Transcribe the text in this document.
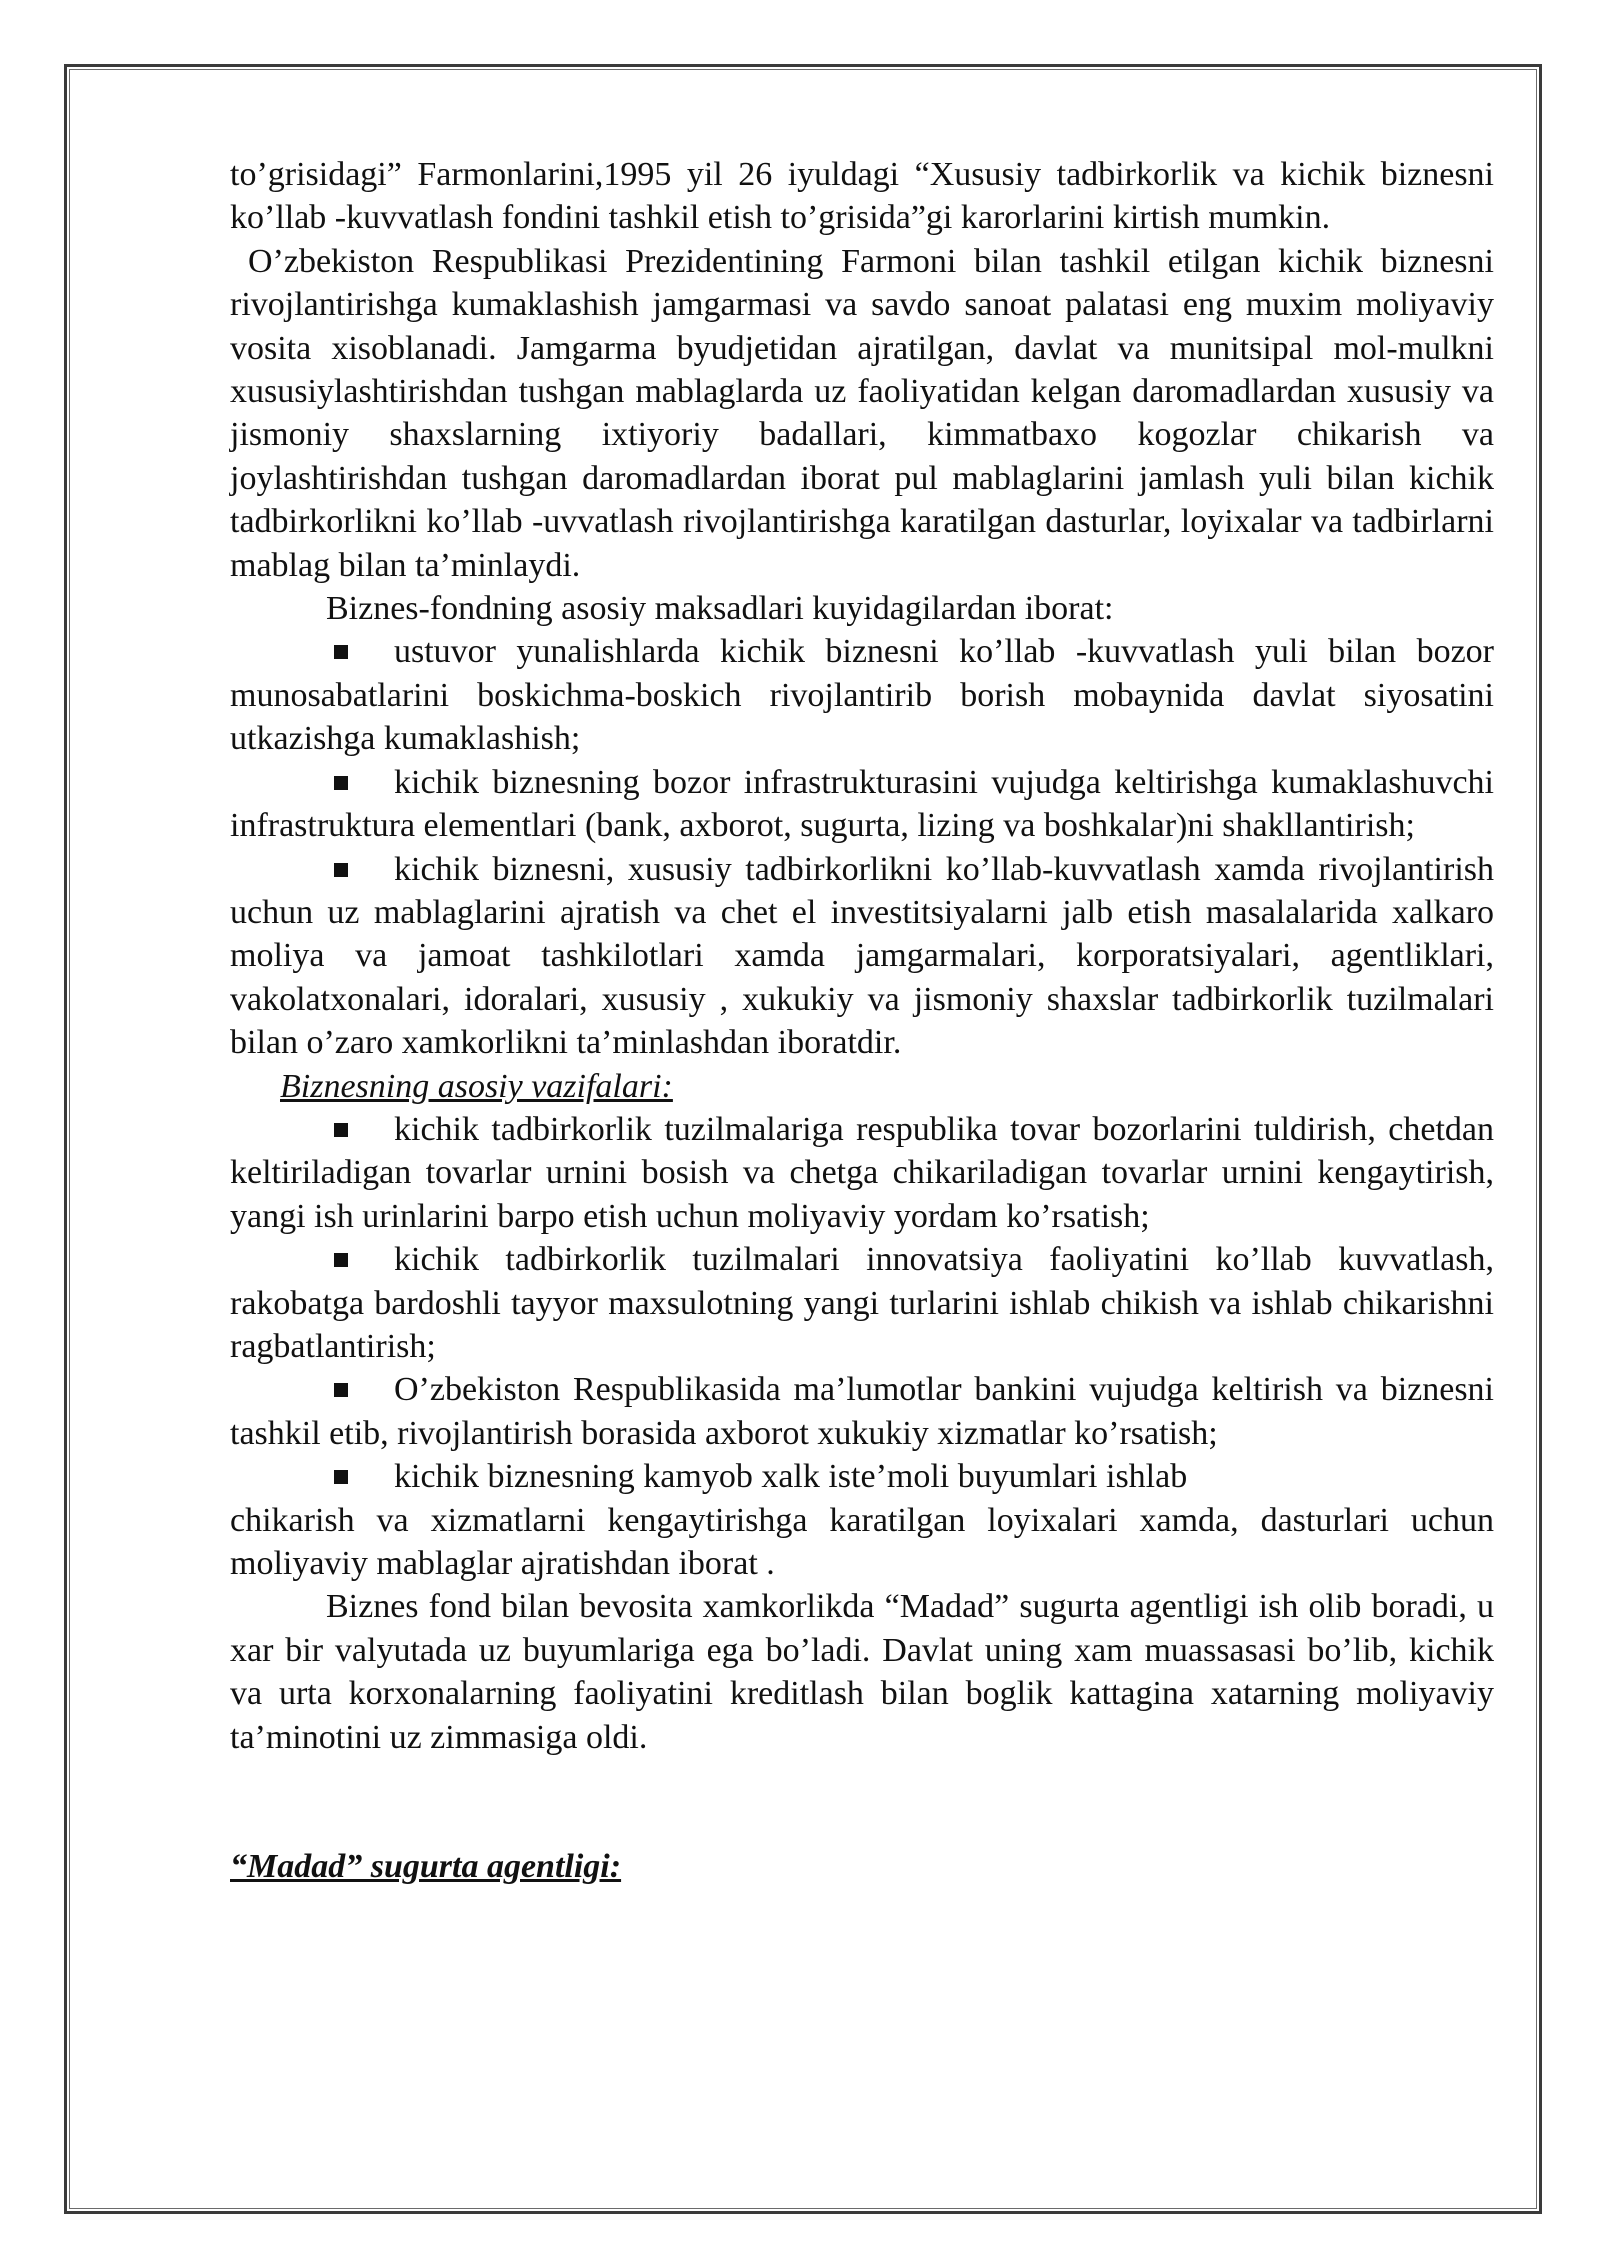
to’grisidagi” Farmonlarini,1995 yil 26 iyuldagi “Xususiy tadbirkorlik va kichik biznesni ko’llab -kuvvatlash fondini tashkil etish to’grisida”gi karorlarini kirtish mumkin.

O’zbekiston Respublikasi Prezidentining Farmoni bilan tashkil etilgan kichik biznesni rivojlantirishga kumaklashish jamgarmasi va savdo sanoat palatasi eng muxim moliyaviy vosita xisoblanadi. Jamgarma byudjetidan ajratilgan, davlat va munitsipal mol-mulkni xususiylashtirishdan tushgan mablaglarda uz faoliyatidan kelgan daromadlardan xususiy va jismoniy shaxslarning ixtiyoriy badallari, kimmatbaxo kogozlar chikarish va joylashtirishdan tushgan daromadlardan iborat pul mablaglarini jamlash yuli bilan kichik tadbirkorlikni ko’llab -uvvatlash rivojlantirishga karatilgan dasturlar, loyixalar va tadbirlarni mablag bilan ta’minlaydi.

Biznes-fondning asosiy maksadlari kuyidagilardan iborat:

ustuvor yunalishlarda kichik biznesni ko’llab -kuvvatlash yuli bilan bozor munosabatlarini boskichma-boskich rivojlantirib borish mobaynida davlat siyosatini utkazishga kumaklashish;

kichik biznesning bozor infrastrukturasini vujudga keltirishga kumaklashuvchi infrastruktura elementlari (bank, axborot, sugurta, lizing va boshkalar)ni shakllantirish;

kichik biznesni, xususiy tadbirkorlikni ko’llab-kuvvatlash xamda rivojlantirish uchun uz mablaglarini ajratish va chet el investitsiyalarni jalb etish masalalarida xalkaro moliya va jamoat tashkilotlari xamda jamgarmalari, korporatsiyalari, agentliklari, vakolatxonalari, idoralari, xususiy , xukukiy va jismoniy shaxslar tadbirkorlik tuzilmalari bilan o’zaro xamkorlikni ta’minlashdan iboratdir.

Biznesning asosiy vazifalari:

kichik tadbirkorlik tuzilmalariga respublika tovar bozorlarini tuldirish, chetdan keltiriladigan tovarlar urnini bosish va chetga chikariladigan tovarlar urnini kengaytirish, yangi ish urinlarini barpo etish uchun moliyaviy yordam ko’rsatish;

kichik tadbirkorlik tuzilmalari innovatsiya faoliyatini ko’llab kuvvatlash, rakobatga bardoshli tayyor maxsulotning yangi turlarini ishlab chikish va ishlab chikarishni ragbatlantirish;

O’zbekiston Respublikasida ma’lumotlar bankini vujudga keltirish va biznesni tashkil etib, rivojlantirish borasida axborot xukukiy xizmatlar ko’rsatish;

kichik biznesning kamyob xalk iste’moli buyumlari ishlab

chikarish va xizmatlarni kengaytirishga karatilgan loyixalari xamda, dasturlari uchun moliyaviy mablaglar ajratishdan iborat .

Biznes fond bilan bevosita xamkorlikda “Madad” sugurta agentligi ish olib boradi, u xar bir valyutada uz buyumlariga ega bo’ladi. Davlat uning xam muassasasi bo’lib, kichik va urta korxonalarning faoliyatini kreditlash bilan boglik kattagina xatarning moliyaviy ta’minotini uz zimmasiga oldi.

“Madad” sugurta agentligi:
